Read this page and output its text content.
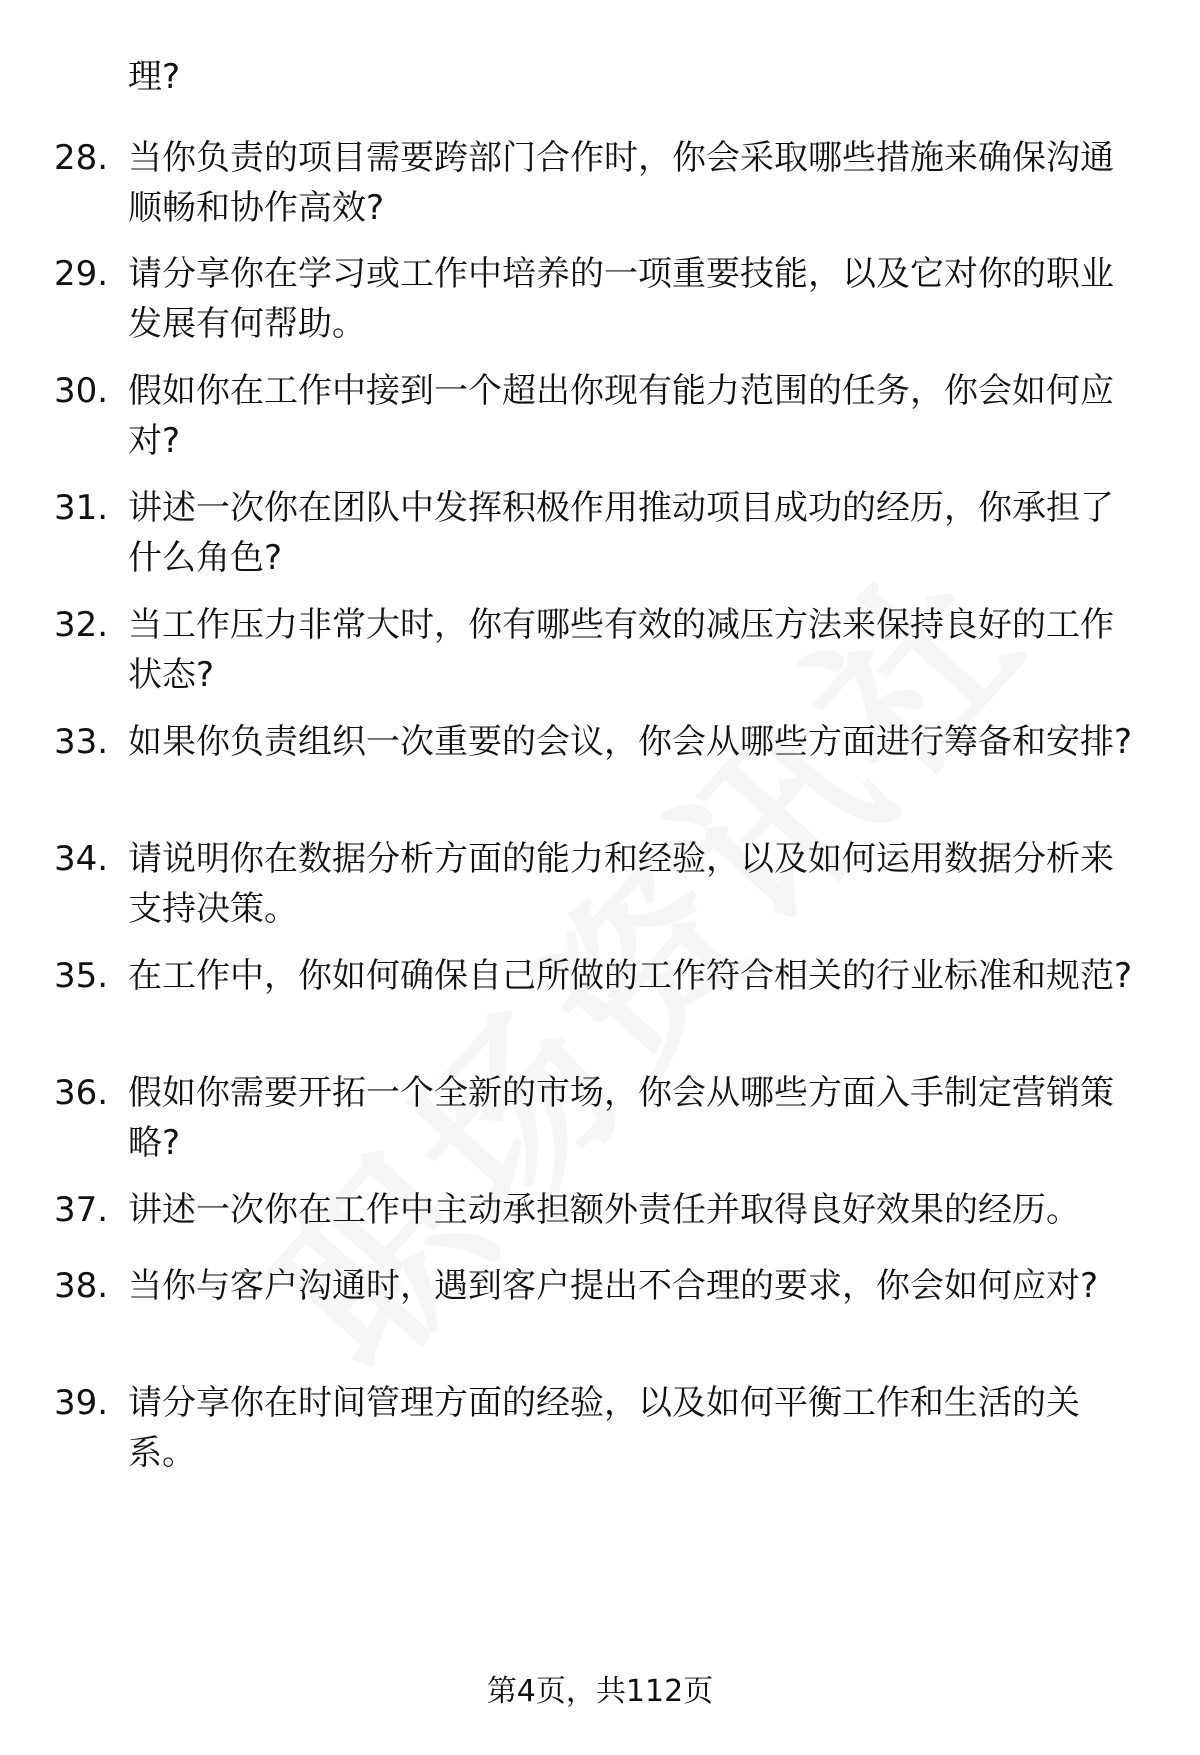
理?
28. 当你负责的项目需要跨部门合作时，你会采取哪些措施来确保沟通顺畅和协作高效?
29. 请分享你在学习或工作中培养的一项重要技能，以及它对你的职业发展有何帮助。
30. 假如你在工作中接到一个超出你现有能力范围的任务，你会如何应对?
31. 讲述一次你在团队中发挥积极作用推动项目成功的经历，你承担了什么角色?
32. 当工作压力非常大时，你有哪些有效的减压方法来保持良好的工作状态?
33. 如果你负责组织一次重要的会议，你会从哪些方面进行筹备和安排?
34. 请说明你在数据分析方面的能力和经验，以及如何运用数据分析来支持决策。
35. 在工作中，你如何确保自己所做的工作符合相关的行业标准和规范?
36. 假如你需要开拓一个全新的市场，你会从哪些方面入手制定营销策略?
37. 讲述一次你在工作中主动承担额外责任并取得良好效果的经历。
38. 当你与客户沟通时，遇到客户提出不合理的要求，你会如何应对?
39. 请分享你在时间管理方面的经验，以及如何平衡工作和生活的关系。
第4页，共112页
